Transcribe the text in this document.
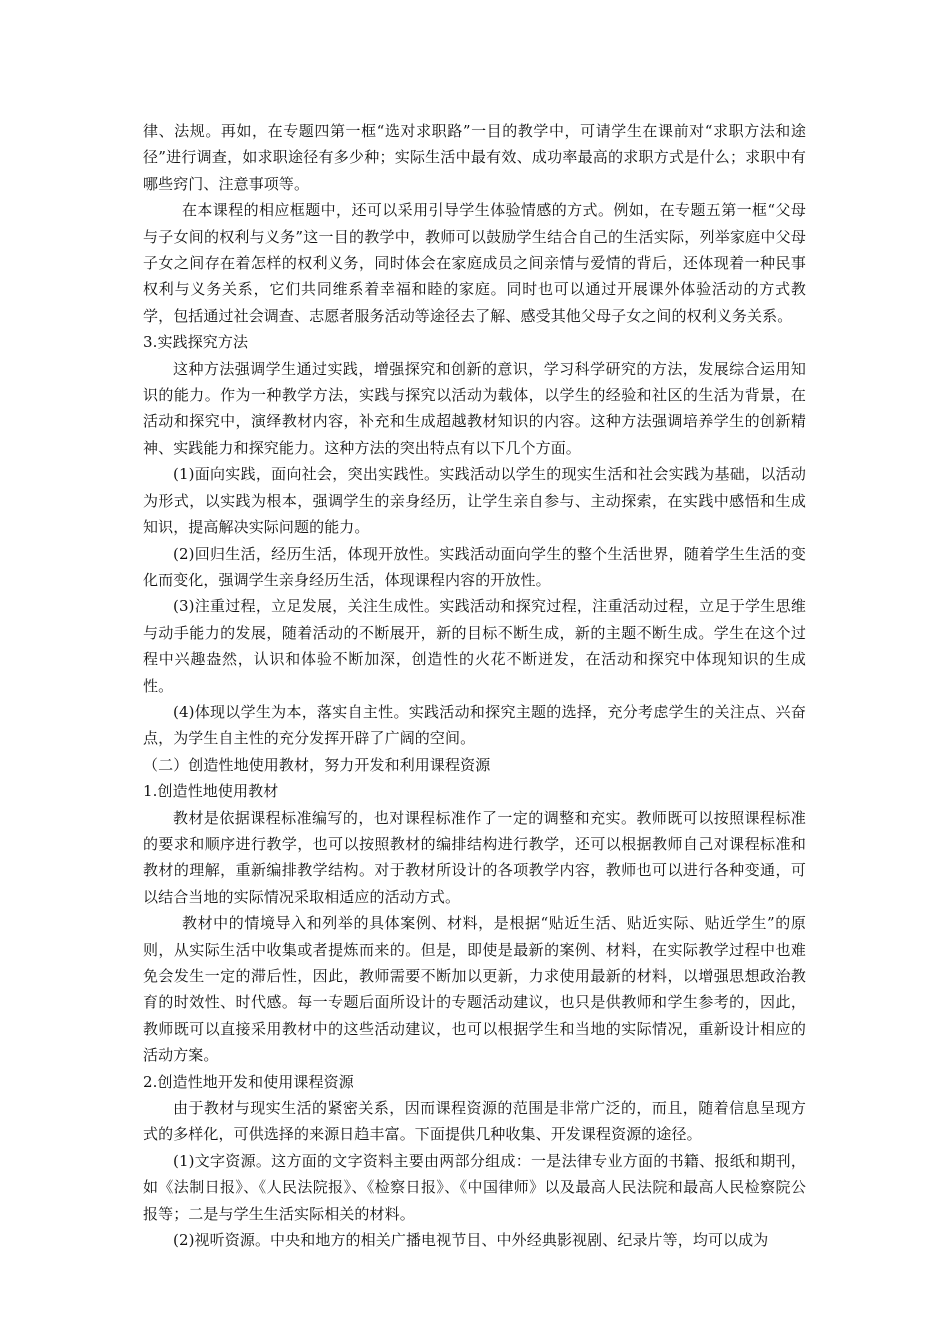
律、法规。再如，在专题四第一框“选对求职路”一目的教学中，可请学生在课前对“求职方法和途径”进行调查，如求职途径有多少种；实际生活中最有效、成功率最高的求职方式是什么；求职中有哪些窍门、注意事项等。

在本课程的相应框题中，还可以采用引导学生体验情感的方式。例如，在专题五第一框“父母与子女间的权利与义务”这一目的教学中，教师可以鼓励学生结合自己的生活实际，列举家庭中父母子女之间存在着怎样的权利义务，同时体会在家庭成员之间亲情与爱情的背后，还体现着一种民事权利与义务关系，它们共同维系着幸福和睦的家庭。同时也可以通过开展课外体验活动的方式教学，包括通过社会调查、志愿者服务活动等途径去了解、感受其他父母子女之间的权利义务关系。

3.实践探究方法

这种方法强调学生通过实践，增强探究和创新的意识，学习科学研究的方法，发展综合运用知识的能力。作为一种教学方法，实践与探究以活动为载体，以学生的经验和社区的生活为背景，在活动和探究中，演绎教材内容，补充和生成超越教材知识的内容。这种方法强调培养学生的创新精神、实践能力和探究能力。这种方法的突出特点有以下几个方面。

(1)面向实践，面向社会，突出实践性。实践活动以学生的现实生活和社会实践为基础，以活动为形式，以实践为根本，强调学生的亲身经历，让学生亲自参与、主动探索，在实践中感悟和生成知识，提高解决实际问题的能力。

(2)回归生活，经历生活，体现开放性。实践活动面向学生的整个生活世界，随着学生生活的变化而变化，强调学生亲身经历生活，体现课程内容的开放性。

(3)注重过程，立足发展，关注生成性。实践活动和探究过程，注重活动过程，立足于学生思维与动手能力的发展，随着活动的不断展开，新的目标不断生成，新的主题不断生成。学生在这个过程中兴趣盎然，认识和体验不断加深，创造性的火花不断迸发，在活动和探究中体现知识的生成性。

(4)体现以学生为本，落实自主性。实践活动和探究主题的选择，充分考虑学生的关注点、兴奋点，为学生自主性的充分发挥开辟了广阔的空间。

（二）创造性地使用教材，努力开发和利用课程资源

1.创造性地使用教材

教材是依据课程标准编写的，也对课程标准作了一定的调整和充实。教师既可以按照课程标准的要求和顺序进行教学，也可以按照教材的编排结构进行教学，还可以根据教师自己对课程标准和教材的理解，重新编排教学结构。对于教材所设计的各项教学内容，教师也可以进行各种变通，可以结合当地的实际情况采取相适应的活动方式。

教材中的情境导入和列举的具体案例、材料，是根据“贴近生活、贴近实际、贴近学生”的原则，从实际生活中收集或者提炼而来的。但是，即使是最新的案例、材料，在实际教学过程中也难免会发生一定的滞后性，因此，教师需要不断加以更新，力求使用最新的材料，以增强思想政治教育的时效性、时代感。每一专题后面所设计的专题活动建议，也只是供教师和学生参考的，因此，教师既可以直接采用教材中的这些活动建议，也可以根据学生和当地的实际情况，重新设计相应的活动方案。

2.创造性地开发和使用课程资源

由于教材与现实生活的紧密关系，因而课程资源的范围是非常广泛的，而且，随着信息呈现方式的多样化，可供选择的来源日趋丰富。下面提供几种收集、开发课程资源的途径。

(1)文字资源。这方面的文字资料主要由两部分组成：一是法律专业方面的书籍、报纸和期刊，如《法制日报》、《人民法院报》、《检察日报》、《中国律师》以及最高人民法院和最高人民检察院公报等；二是与学生生活实际相关的材料。

(2)视听资源。中央和地方的相关广播电视节目、中外经典影视剧、纪录片等，均可以成为
